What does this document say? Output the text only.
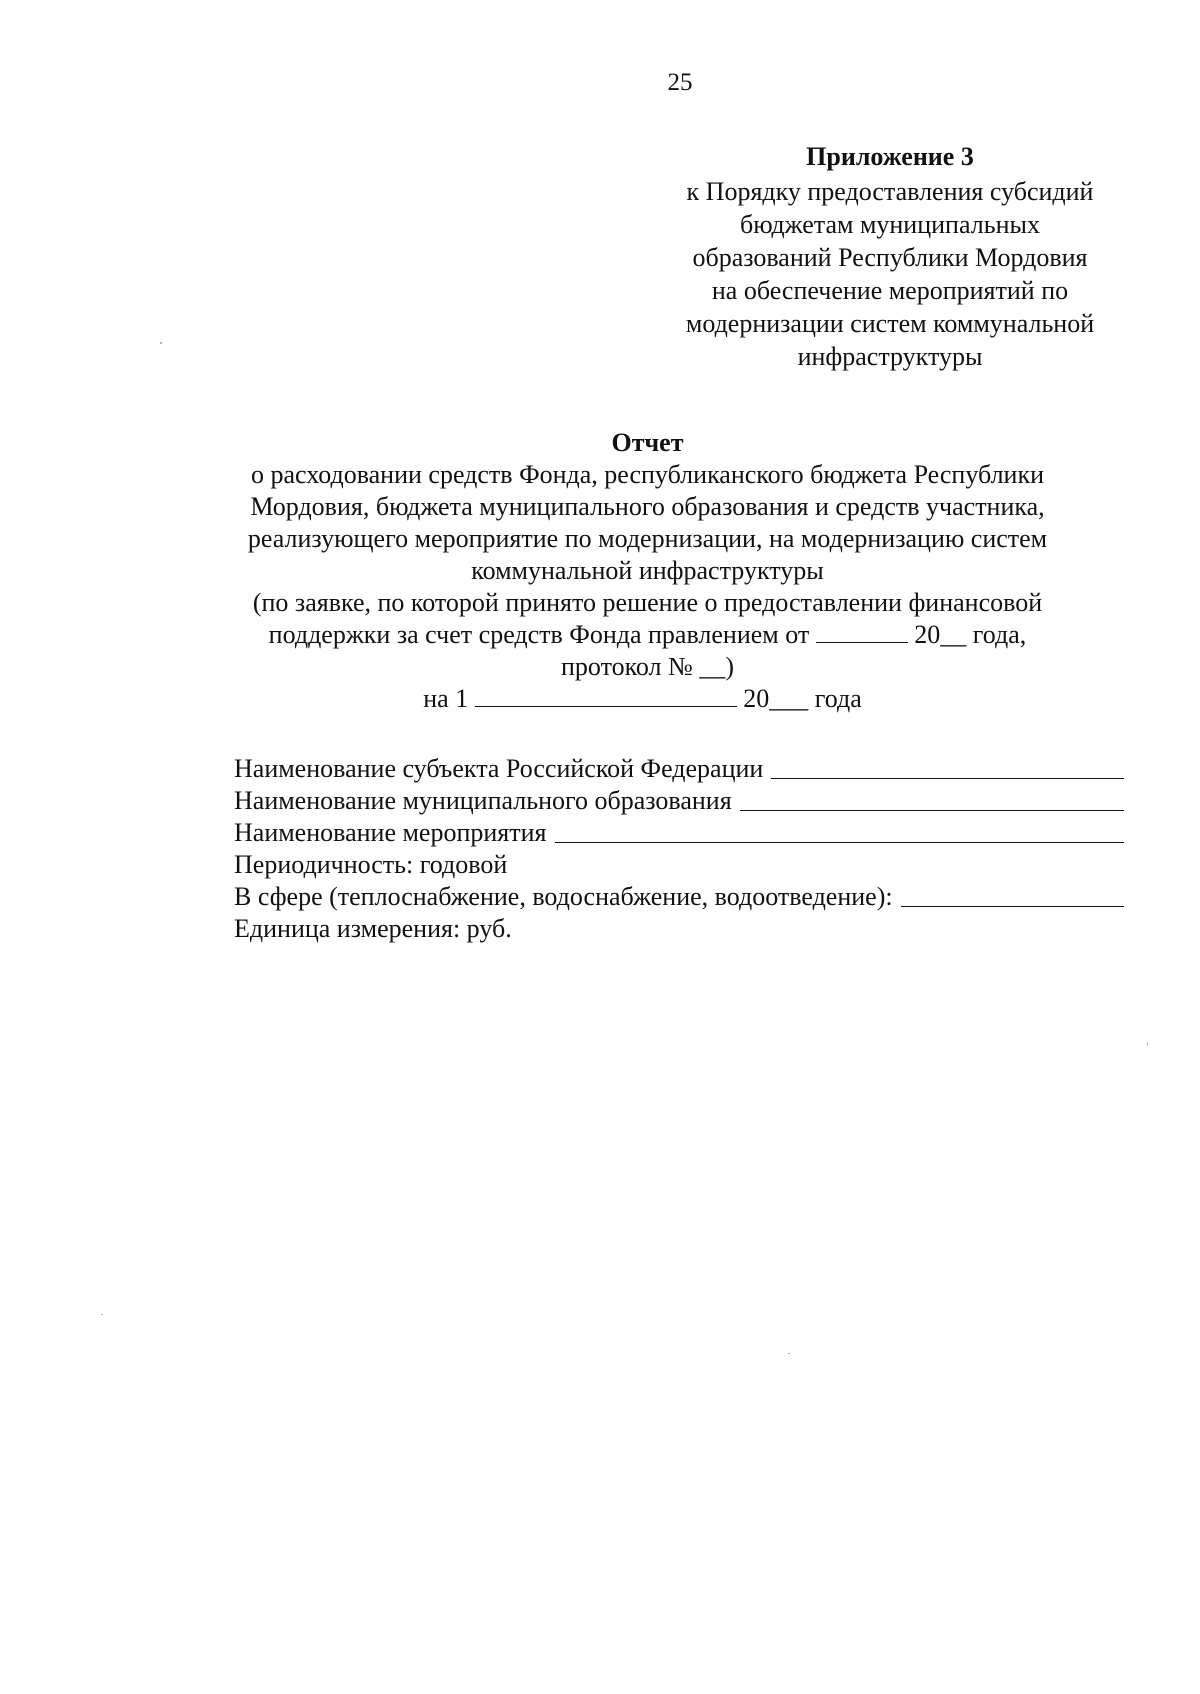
25
Приложение 3
к Порядку предоставления субсидий
бюджетам муниципальных
образований Республики Мордовия
на обеспечение мероприятий по
модернизации систем коммунальной
инфраструктуры
Отчет
о расходовании средств Фонда, республиканского бюджета Республики
Мордовия, бюджета муниципального образования и средств участника,
реализующего мероприятие по модернизации, на модернизацию систем
коммунальной инфраструктуры
(по заявке, по которой принято решение о предоставлении финансовой
поддержки за счет средств Фонда правлением от	20__ года,
протокол № __)
на 1	20___ года
Наименование субъекта Российской Федерации
Наименование муниципального образования
Наименование мероприятия
Периодичность: годовой
В сфере (теплоснабжение, водоснабжение, водоотведение):
Единица измерения: руб.
